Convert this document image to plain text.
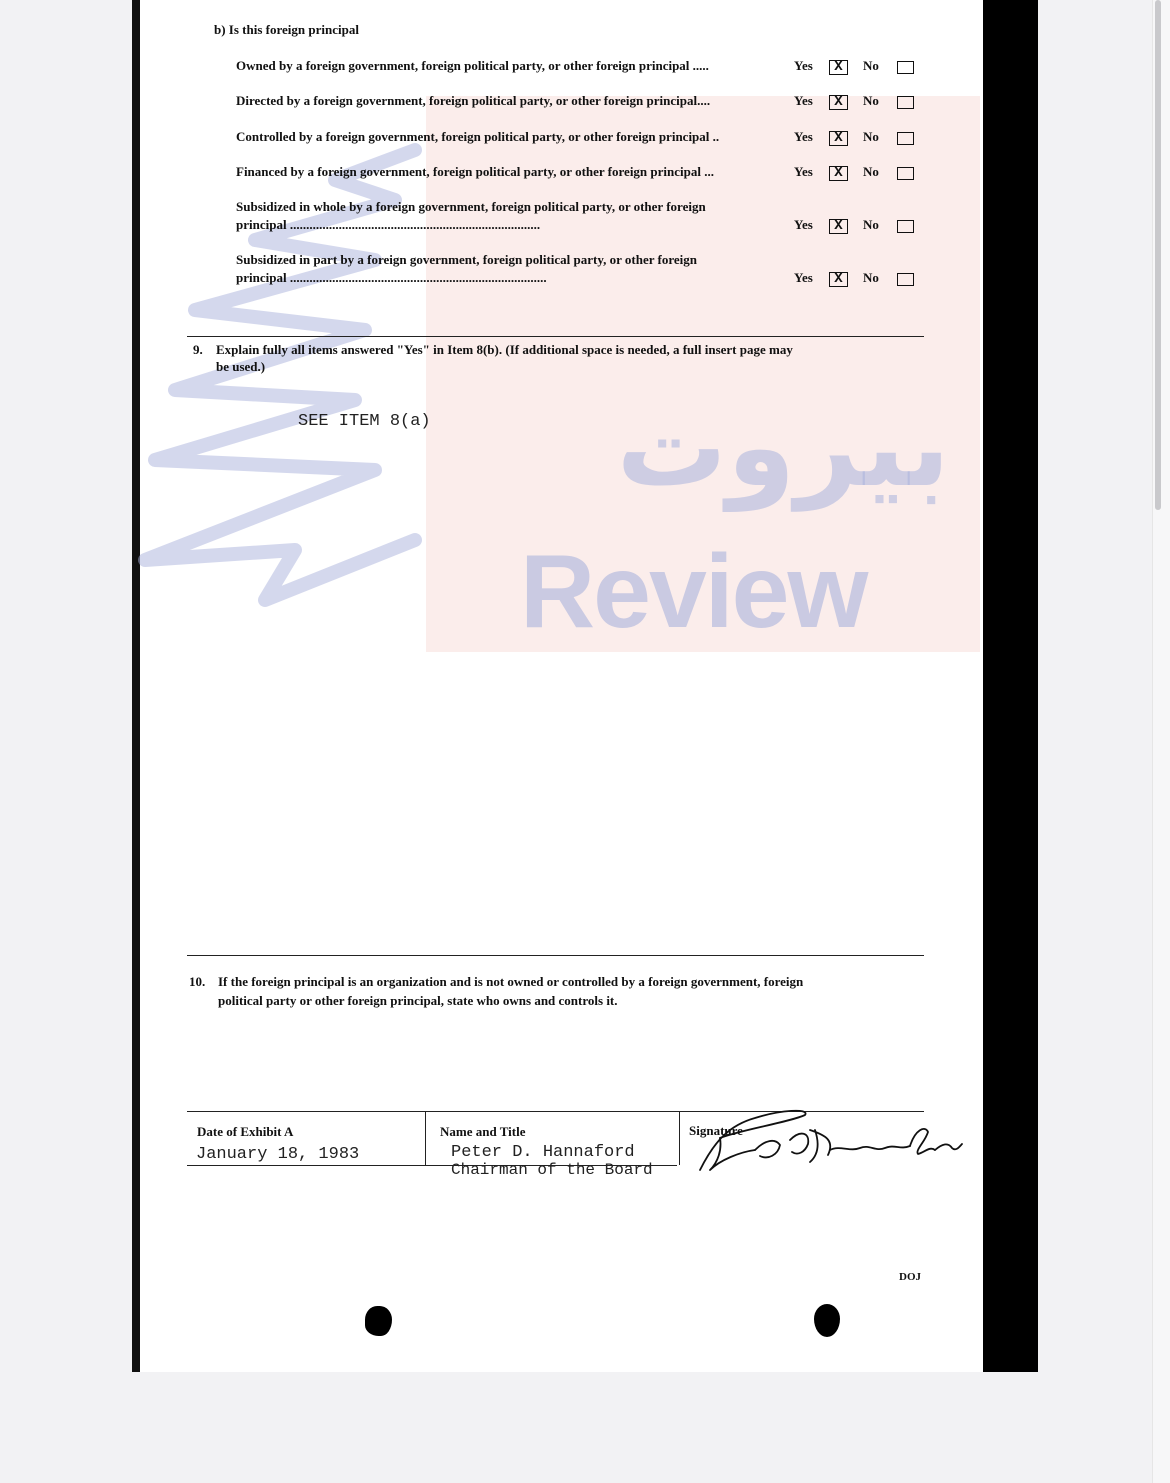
بيروت
Review
b) Is this foreign principal
Owned by a foreign government, foreign political party, or other foreign principal .....	Yes	X	No
Directed by a foreign government, foreign political party, or other foreign principal....	Yes	X	No
Controlled by a foreign government, foreign political party, or other foreign principal ..	Yes	X	No
Financed by a foreign government, foreign political party, or other foreign principal ...	Yes	X	No
Subsidized in whole by a foreign government, foreign political party, or other foreign
principal .............................................................................	Yes	X	No
Subsidized in part by a foreign government, foreign political party, or other foreign
principal ...............................................................................	Yes	X	No
9. Explain fully all items answered "Yes" in Item 8(b). (If additional space is needed, a full insert page may
be used.)
SEE ITEM 8(a)
10. If the foreign principal is an organization and is not owned or controlled by a foreign government, foreign
political party or other foreign principal, state who owns and controls it.
Date of Exhibit A
January 18, 1983
Name and Title
Peter D. Hannaford
Chairman of the Board
Signature
DOJ
